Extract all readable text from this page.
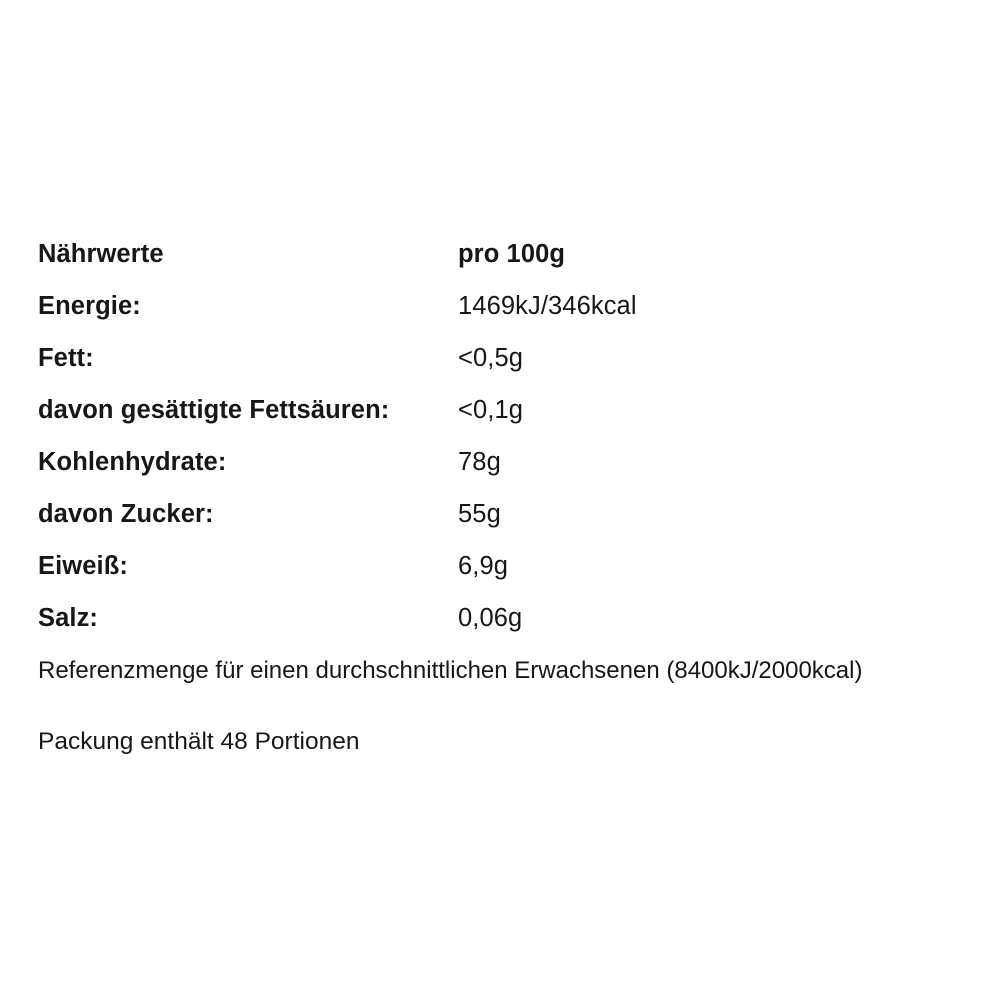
Nährwerte	pro 100g
Energie:	1469kJ/346kcal
Fett:	<0,5g
davon gesättigte Fettsäuren:	<0,1g
Kohlenhydrate:	78g
davon Zucker:	55g
Eiweiß:	6,9g
Salz:	0,06g
Referenzmenge für einen durchschnittlichen Erwachsenen (8400kJ/2000kcal)
Packung enthält 48 Portionen
